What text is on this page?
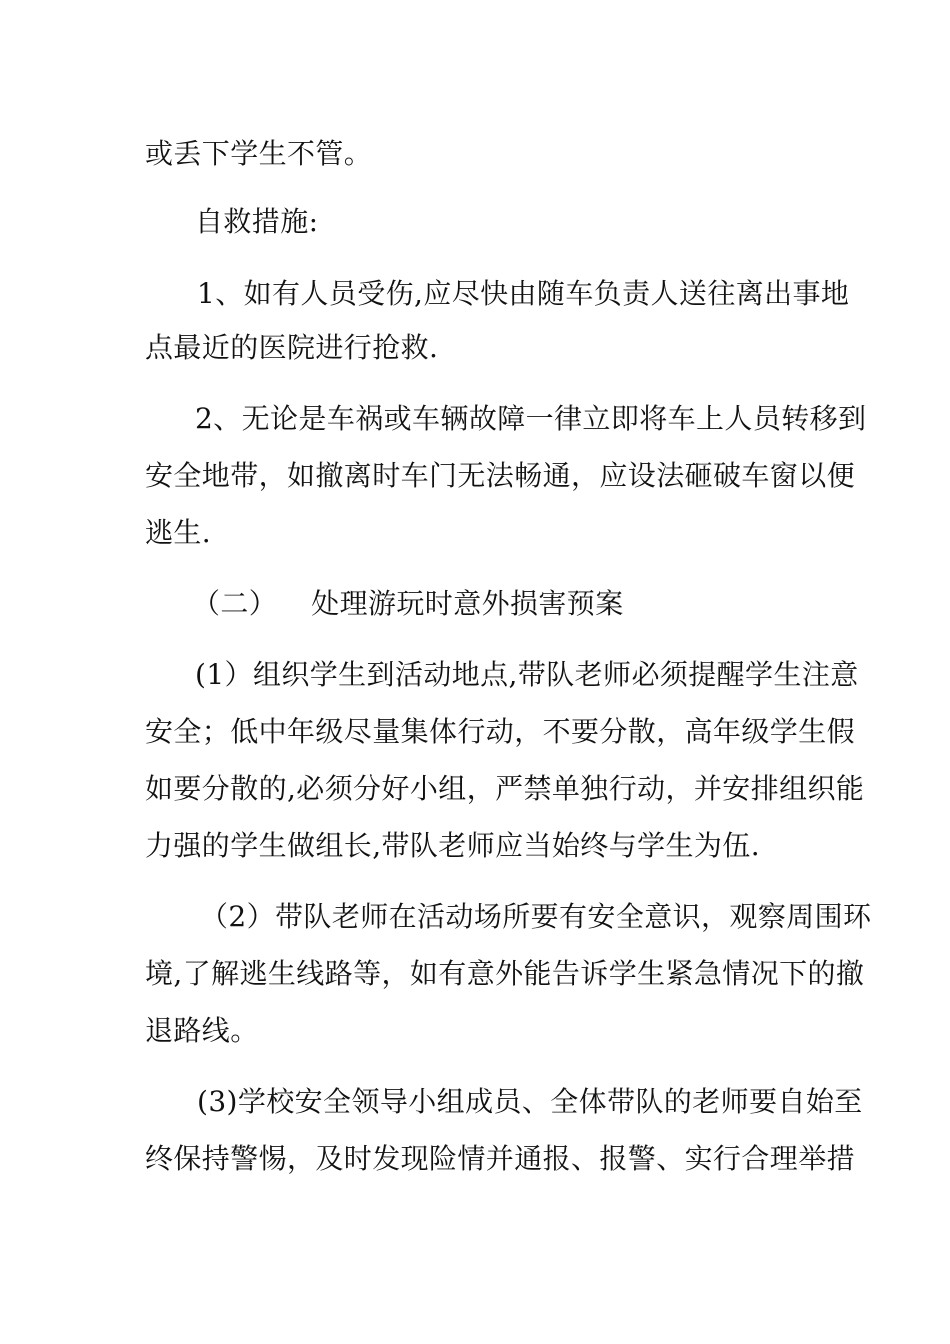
或丢下学生不管。
自救措施:
1、如有人员受伤,应尽快由随车负责人送往离出事地
点最近的医院进行抢救.
2、无论是车祸或车辆故障一律立即将车上人员转移到
安全地带，如撤离时车门无法畅通，应设法砸破车窗以便
逃生.
（二） 处理游玩时意外损害预案
(1）组织学生到活动地点,带队老师必须提醒学生注意
安全；低中年级尽量集体行动，不要分散，高年级学生假
如要分散的,必须分好小组，严禁单独行动，并安排组织能
力强的学生做组长,带队老师应当始终与学生为伍.
（2）带队老师在活动场所要有安全意识，观察周围环
境,了解逃生线路等，如有意外能告诉学生紧急情况下的撤
退路线。
(3)学校安全领导小组成员、全体带队的老师要自始至
终保持警惕，及时发现险情并通报、报警、实行合理举措
